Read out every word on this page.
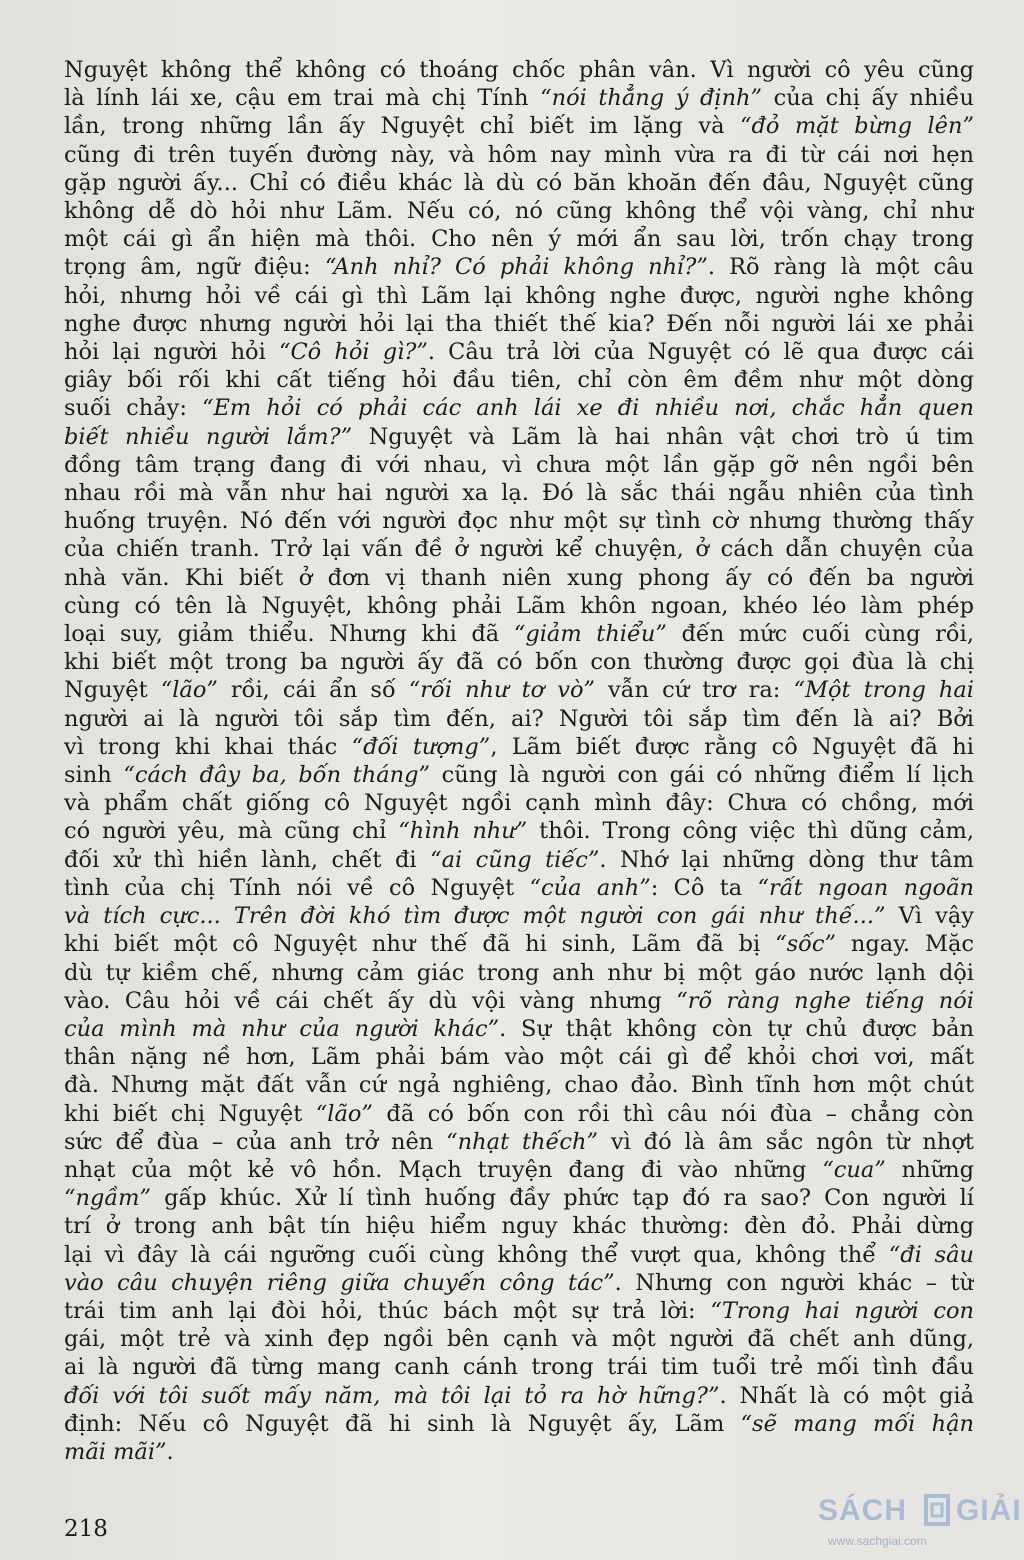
Nguyệt không thể không có thoáng chốc phân vân. Vì người cô yêu cũng
là lính lái xe, cậu em trai mà chị Tính “nói thẳng ý định” của chị ấy nhiều
lần, trong những lần ấy Nguyệt chỉ biết im lặng và “đỏ mặt bừng lên”
cũng đi trên tuyến đường này, và hôm nay mình vừa ra đi từ cái nơi hẹn
gặp người ấy... Chỉ có điều khác là dù có băn khoăn đến đâu, Nguyệt cũng
không dễ dò hỏi như Lãm. Nếu có, nó cũng không thể vội vàng, chỉ như
một cái gì ẩn hiện mà thôi. Cho nên ý mới ẩn sau lời, trốn chạy trong
trọng âm, ngữ điệu: “Anh nhỉ? Có phải không nhỉ?”. Rõ ràng là một câu
hỏi, nhưng hỏi về cái gì thì Lãm lại không nghe được, người nghe không
nghe được nhưng người hỏi lại tha thiết thế kia? Đến nỗi người lái xe phải
hỏi lại người hỏi “Cô hỏi gì?”. Câu trả lời của Nguyệt có lẽ qua được cái
giây bối rối khi cất tiếng hỏi đầu tiên, chỉ còn êm đềm như một dòng
suối chảy: “Em hỏi có phải các anh lái xe đi nhiều nơi, chắc hẳn quen
biết nhiều người lắm?” Nguyệt và Lãm là hai nhân vật chơi trò ú tim
đồng tâm trạng đang đi với nhau, vì chưa một lần gặp gỡ nên ngồi bên
nhau rồi mà vẫn như hai người xa lạ. Đó là sắc thái ngẫu nhiên của tình
huống truyện. Nó đến với người đọc như một sự tình cờ nhưng thường thấy
của chiến tranh. Trở lại vấn đề ở người kể chuyện, ở cách dẫn chuyện của
nhà văn. Khi biết ở đơn vị thanh niên xung phong ấy có đến ba người
cùng có tên là Nguyệt, không phải Lãm khôn ngoan, khéo léo làm phép
loại suy, giảm thiểu. Nhưng khi đã “giảm thiểu” đến mức cuối cùng rồi,
khi biết một trong ba người ấy đã có bốn con thường được gọi đùa là chị
Nguyệt “lão” rồi, cái ẩn số “rối như tơ vò” vẫn cứ trơ ra: “Một trong hai
người ai là người tôi sắp tìm đến, ai? Người tôi sắp tìm đến là ai? Bởi
vì trong khi khai thác “đối tượng”, Lãm biết được rằng cô Nguyệt đã hi
sinh “cách đây ba, bốn tháng” cũng là người con gái có những điểm lí lịch
và phẩm chất giống cô Nguyệt ngồi cạnh mình đây: Chưa có chồng, mới
có người yêu, mà cũng chỉ “hình như” thôi. Trong công việc thì dũng cảm,
đối xử thì hiền lành, chết đi “ai cũng tiếc”. Nhớ lại những dòng thư tâm
tình của chị Tính nói về cô Nguyệt “của anh”: Cô ta “rất ngoan ngoãn
và tích cực... Trên đời khó tìm được một người con gái như thế...” Vì vậy
khi biết một cô Nguyệt như thế đã hi sinh, Lãm đã bị “sốc” ngay. Mặc
dù tự kiềm chế, nhưng cảm giác trong anh như bị một gáo nước lạnh dội
vào. Câu hỏi về cái chết ấy dù vội vàng nhưng “rõ ràng nghe tiếng nói
của mình mà như của người khác”. Sự thật không còn tự chủ được bản
thân nặng nề hơn, Lãm phải bám vào một cái gì để khỏi chơi vơi, mất
đà. Nhưng mặt đất vẫn cứ ngả nghiêng, chao đảo. Bình tĩnh hơn một chút
khi biết chị Nguyệt “lão” đã có bốn con rồi thì câu nói đùa – chẳng còn
sức để đùa – của anh trở nên “nhạt thếch” vì đó là âm sắc ngôn từ nhợt
nhạt của một kẻ vô hồn. Mạch truyện đang đi vào những “cua” những
“ngầm” gấp khúc. Xử lí tình huống đầy phức tạp đó ra sao? Con người lí
trí ở trong anh bật tín hiệu hiểm nguy khác thường: đèn đỏ. Phải dừng
lại vì đây là cái ngưỡng cuối cùng không thể vượt qua, không thể “đi sâu
vào câu chuyện riêng giữa chuyến công tác”. Nhưng con người khác – từ
trái tim anh lại đòi hỏi, thúc bách một sự trả lời: “Trong hai người con
gái, một trẻ và xinh đẹp ngồi bên cạnh và một người đã chết anh dũng,
ai là người đã từng mang canh cánh trong trái tim tuổi trẻ mối tình đầu
đối với tôi suốt mấy năm, mà tôi lại tỏ ra hờ hững?”. Nhất là có một giả
định: Nếu cô Nguyệt đã hi sinh là Nguyệt ấy, Lãm “sẽ mang mối hận
mãi mãi”.
218
SÁCH GIẢI
www.sachgiai.com
